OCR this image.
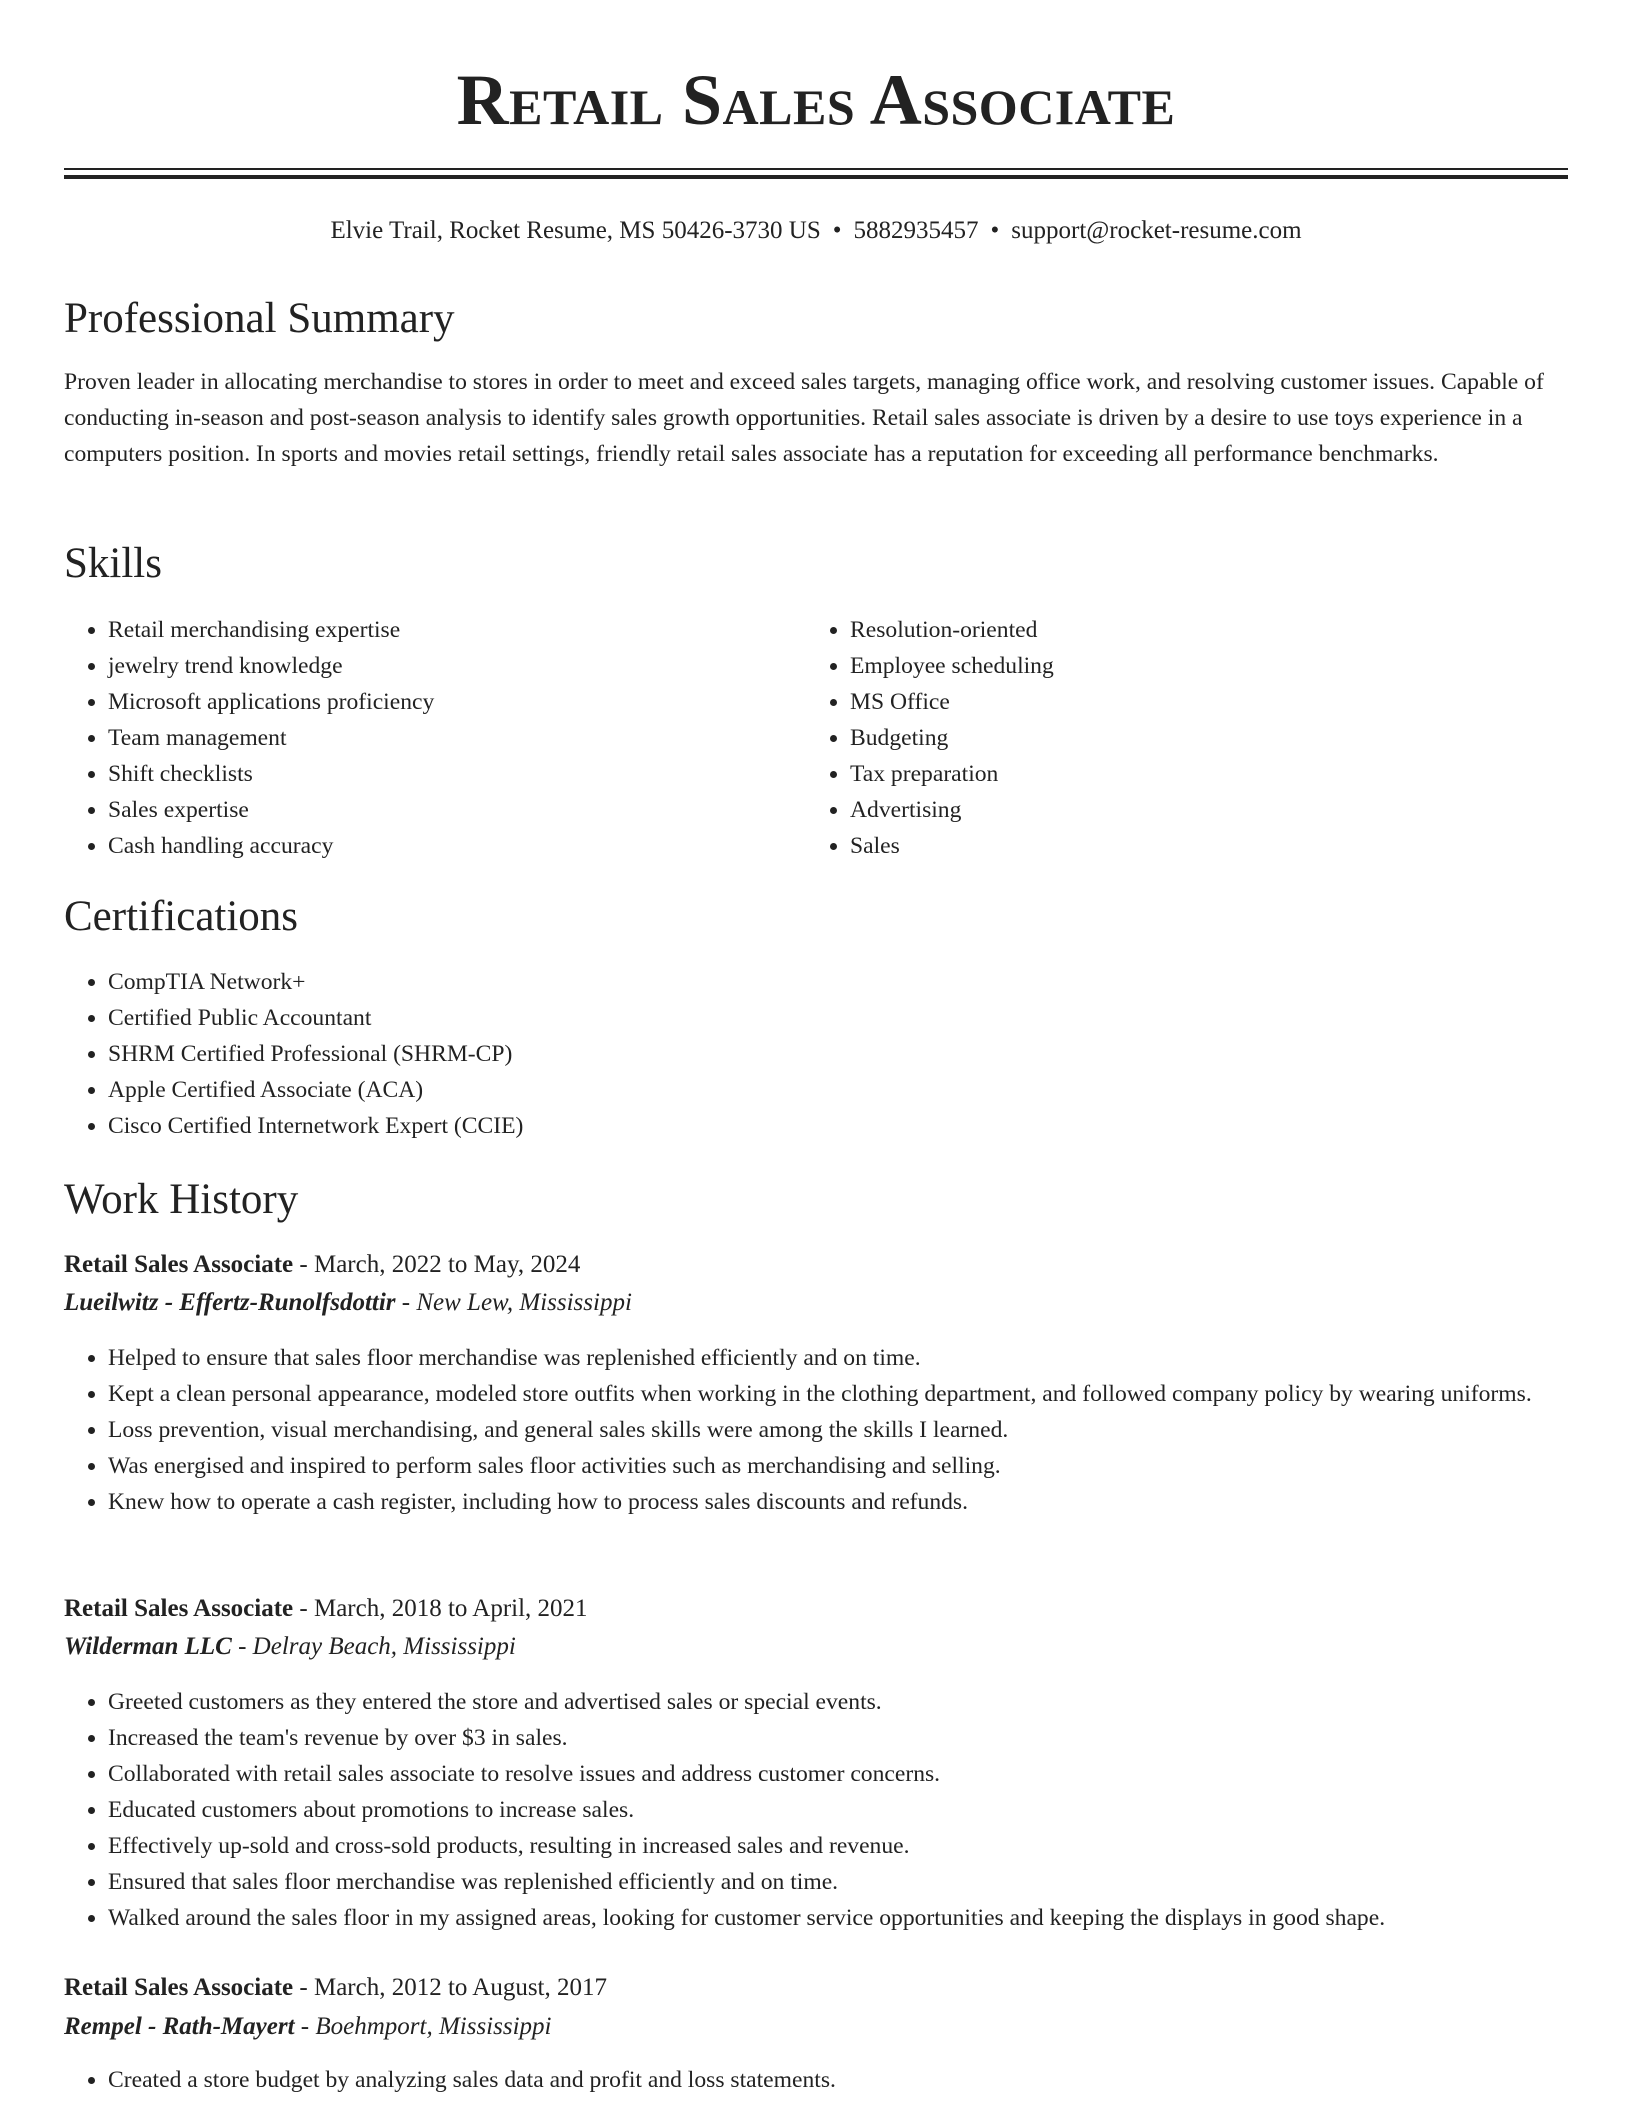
Retail Sales Associate
Elvie Trail, Rocket Resume, MS 50426-3730 US • 5882935457 • support@rocket-resume.com
Professional Summary

Proven leader in allocating merchandise to stores in order to meet and exceed sales targets, managing office work, and resolving customer issues. Capable of conducting in-season and post-season analysis to identify sales growth opportunities. Retail sales associate is driven by a desire to use toys experience in a computers position. In sports and movies retail settings, friendly retail sales associate has a reputation for exceeding all performance benchmarks.

Skills
• Retail merchandising expertise
• jewelry trend knowledge
• Microsoft applications proficiency
• Team management
• Shift checklists
• Sales expertise
• Cash handling accuracy
• Resolution-oriented
• Employee scheduling
• MS Office
• Budgeting
• Tax preparation
• Advertising
• Sales
Certifications
• CompTIA Network+
• Certified Public Accountant
• SHRM Certified Professional (SHRM-CP)
• Apple Certified Associate (ACA)
• Cisco Certified Internetwork Expert (CCIE)
Work History
Retail Sales Associate - March, 2022 to May, 2024
Lueilwitz - Effertz-Runolfsdottir - New Lew, Mississippi
• Helped to ensure that sales floor merchandise was replenished efficiently and on time.
• Kept a clean personal appearance, modeled store outfits when working in the clothing department, and followed company policy by wearing uniforms.
• Loss prevention, visual merchandising, and general sales skills were among the skills I learned.
• Was energised and inspired to perform sales floor activities such as merchandising and selling.
• Knew how to operate a cash register, including how to process sales discounts and refunds.
Retail Sales Associate - March, 2018 to April, 2021
Wilderman LLC - Delray Beach, Mississippi
• Greeted customers as they entered the store and advertised sales or special events.
• Increased the team's revenue by over $3 in sales.
• Collaborated with retail sales associate to resolve issues and address customer concerns.
• Educated customers about promotions to increase sales.
• Effectively up-sold and cross-sold products, resulting in increased sales and revenue.
• Ensured that sales floor merchandise was replenished efficiently and on time.
• Walked around the sales floor in my assigned areas, looking for customer service opportunities and keeping the displays in good shape.
Retail Sales Associate - March, 2012 to August, 2017
Rempel - Rath-Mayert - Boehmport, Mississippi
• Created a store budget by analyzing sales data and profit and loss statements.
